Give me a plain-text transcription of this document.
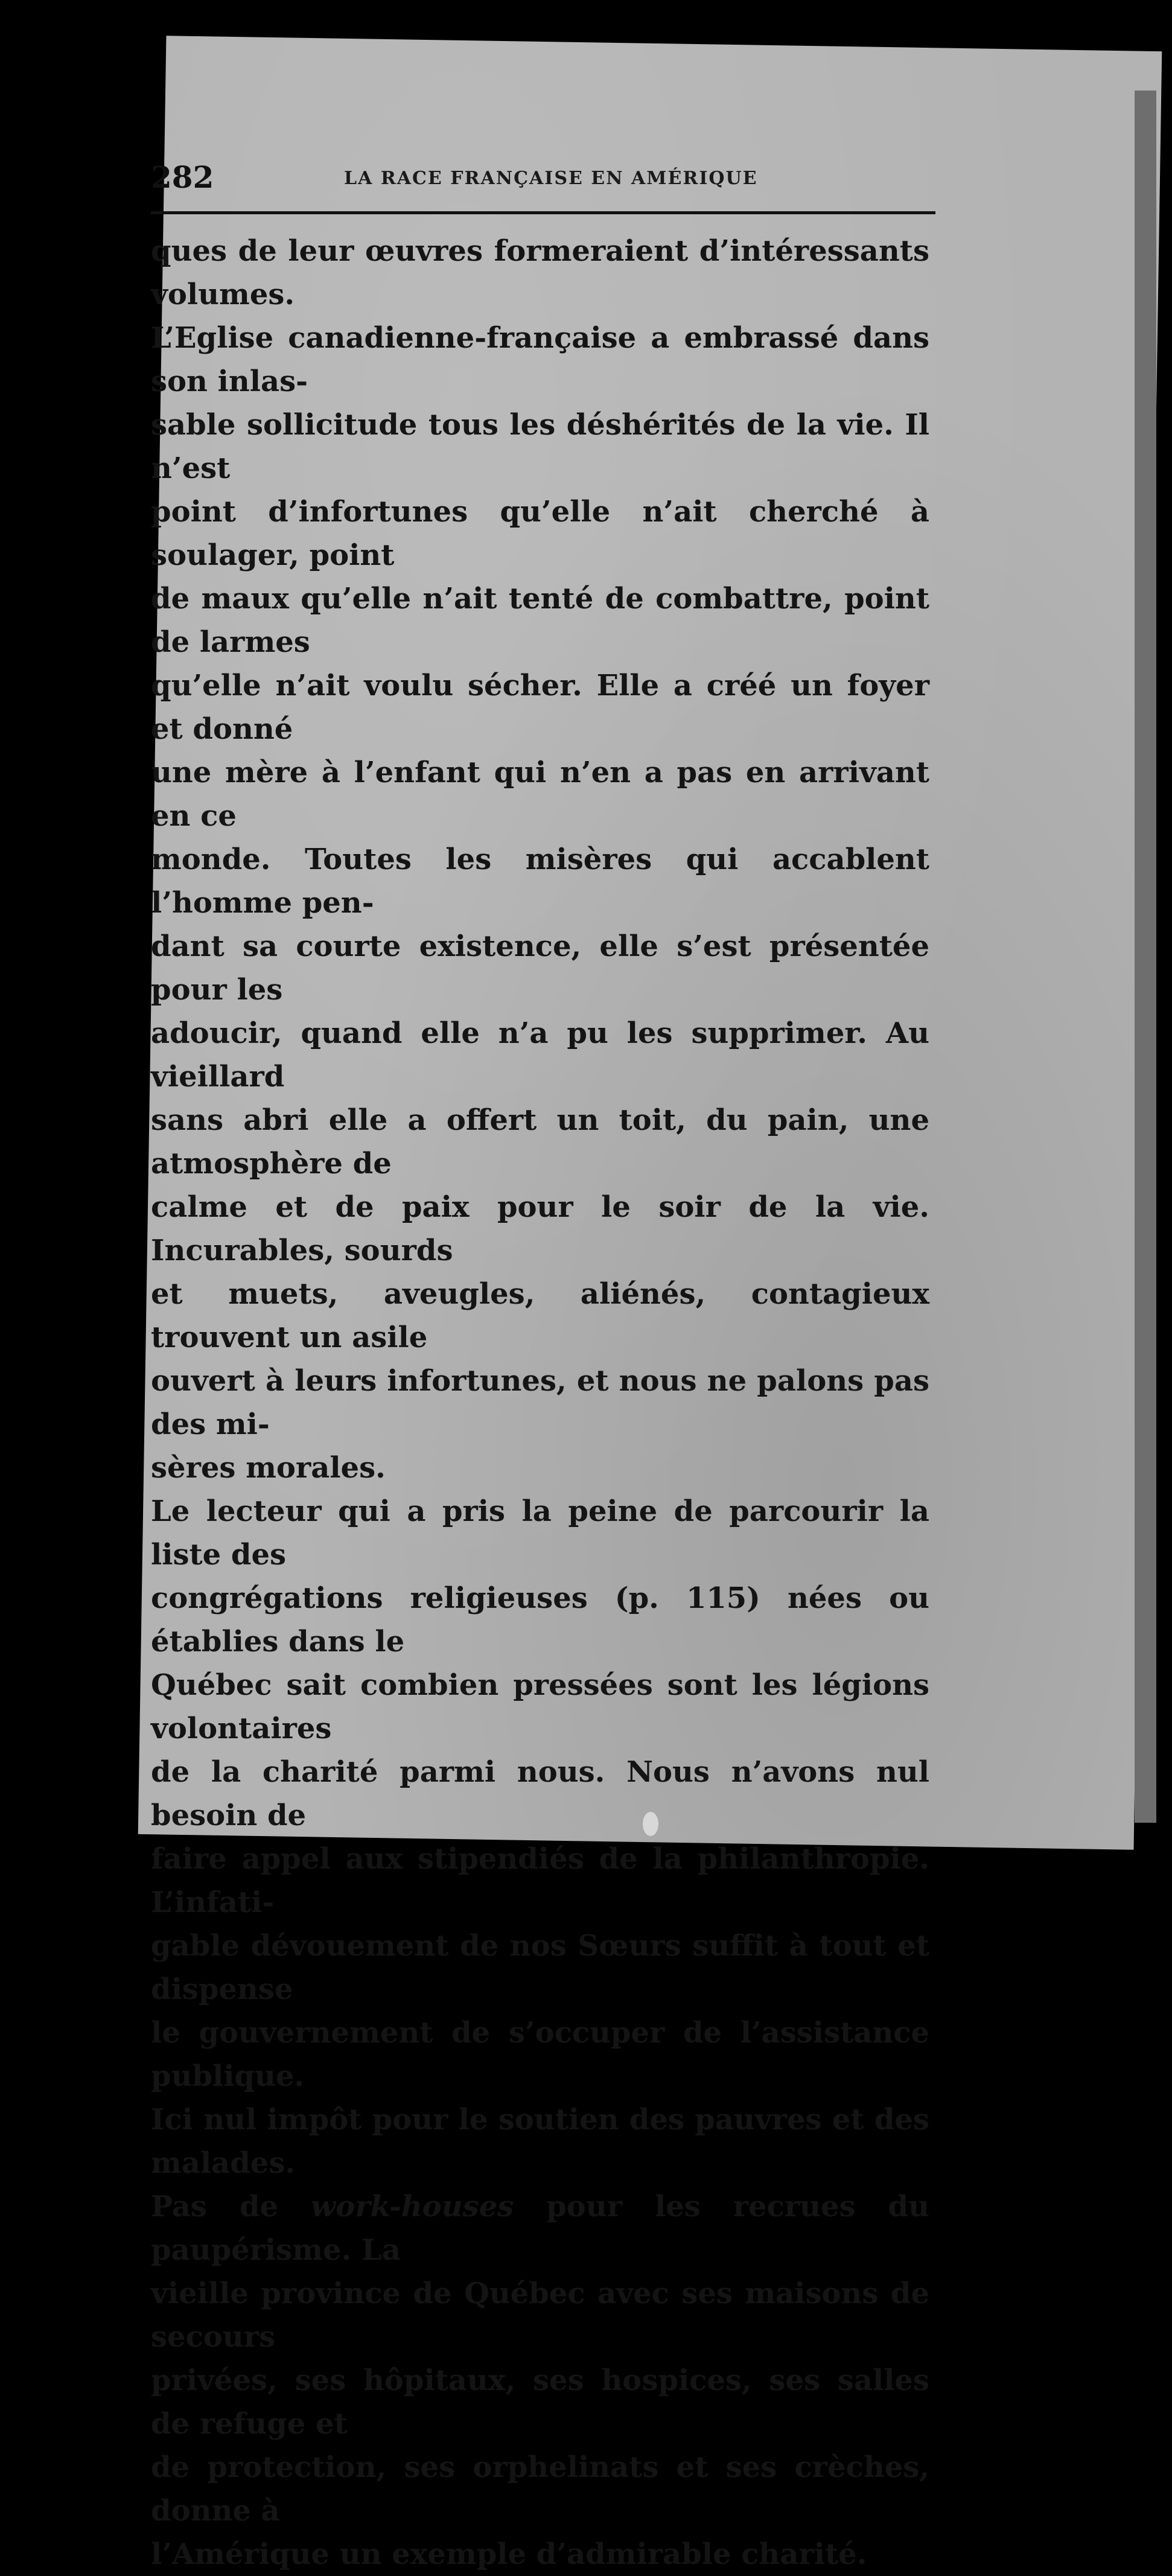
282	LA RACE FRANÇAISE EN AMÉRIQUE

ques de leur œuvres formeraient d’intéressants volumes.
L’Eglise canadienne-française a embrassé dans son inlas-
sable sollicitude tous les déshérités de la vie. Il n’est
point d’infortunes qu’elle n’ait cherché à soulager, point
de maux qu’elle n’ait tenté de combattre, point de larmes
qu’elle n’ait voulu sécher. Elle a créé un foyer et donné
une mère à l’enfant qui n’en a pas en arrivant en ce
monde. Toutes les misères qui accablent l’homme pen-
dant sa courte existence, elle s’est présentée pour les
adoucir, quand elle n’a pu les supprimer. Au vieillard
sans abri elle a offert un toit, du pain, une atmosphère de
calme et de paix pour le soir de la vie. Incurables, sourds
et muets, aveugles, aliénés, contagieux trouvent un asile
ouvert à leurs infortunes, et nous ne palons pas des mi-
sères morales.

Le lecteur qui a pris la peine de parcourir la liste des
congrégations religieuses (p. 115) nées ou établies dans le
Québec sait combien pressées sont les légions volontaires
de la charité parmi nous. Nous n’avons nul besoin de
faire appel aux stipendiés de la philanthropie. L’infati-
gable dévouement de nos Sœurs suffit à tout et dispense
le gouvernement de s’occuper de l’assistance publique.
Ici nul impôt pour le soutien des pauvres et des malades.
Pas de work-houses pour les recrues du paupérisme. La
vieille province de Québec avec ses maisons de secours
privées, ses hôpitaux, ses hospices, ses salles de refuge et
de protection, ses orphelinats et ses crèches, donne à
l’Amérique un exemple d’admirable charité.
